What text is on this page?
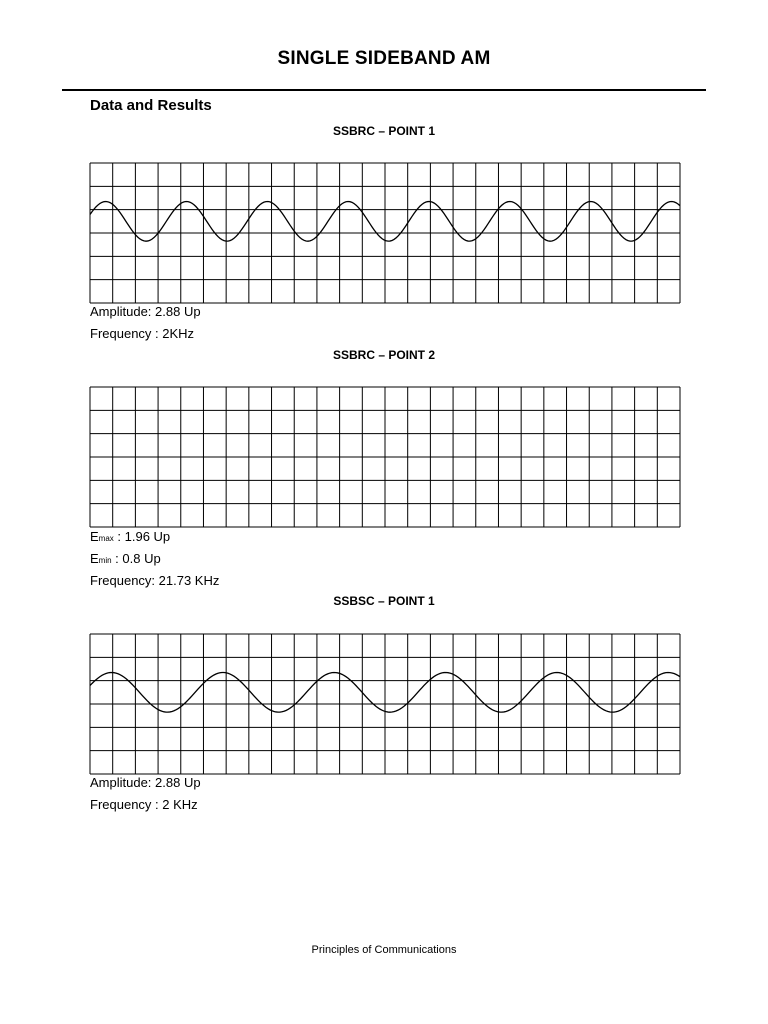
SINGLE SIDEBAND AM
Data and Results
SSBRC – POINT 1
Amplitude: 2.88 Up
Frequency : 2KHz
SSBRC – POINT 2
Emax : 1.96 Up
Emin : 0.8 Up
Frequency: 21.73 KHz
SSBSC – POINT 1
Amplitude: 2.88 Up
Frequency : 2 KHz
Principles of Communications
